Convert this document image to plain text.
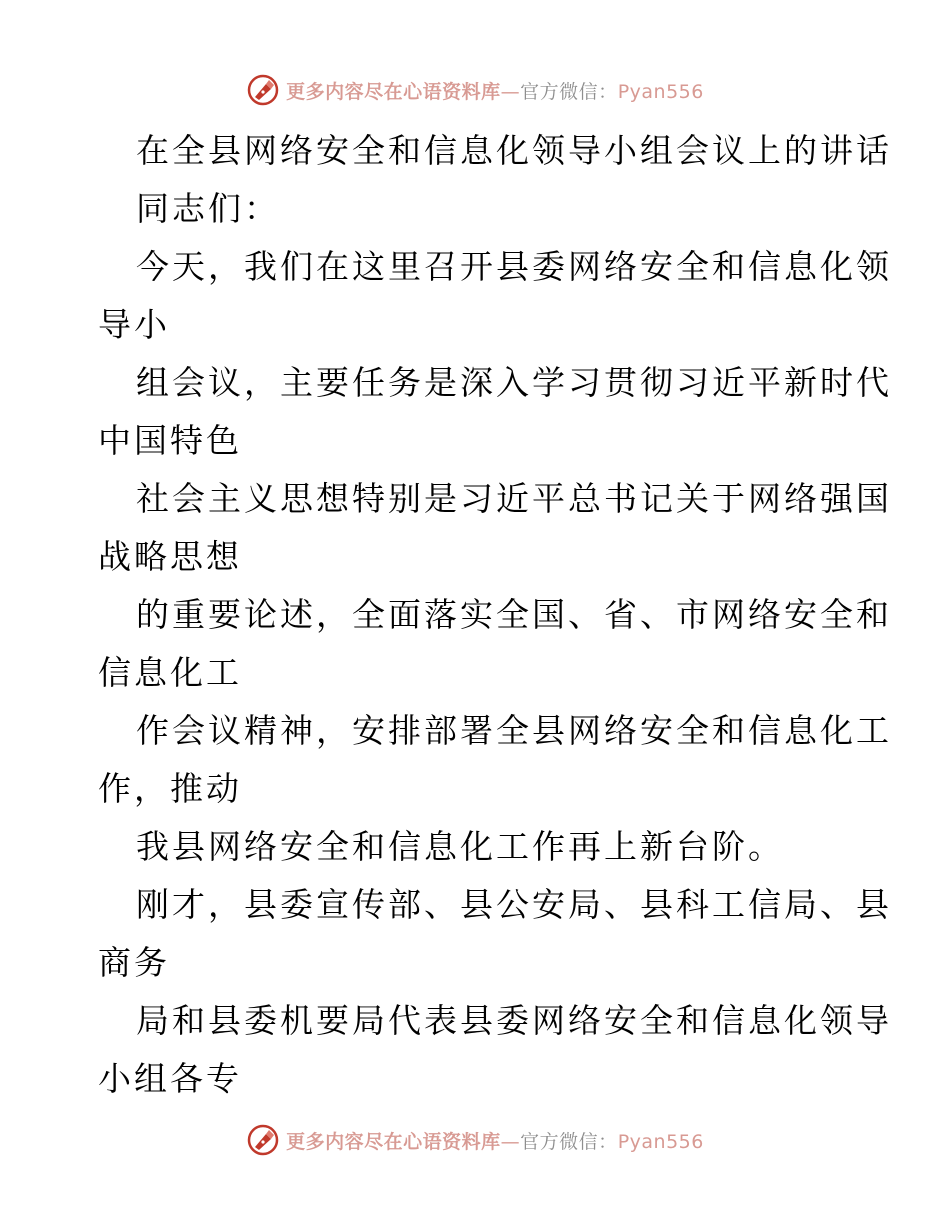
更多内容尽在心语资料库—官方微信：Pyan556
在全县网络安全和信息化领导小组会议上的讲话
同志们：
今天，我们在这里召开县委网络安全和信息化领
导小
组会议，主要任务是深入学习贯彻习近平新时代
中国特色
社会主义思想特别是习近平总书记关于网络强国
战略思想
的重要论述，全面落实全国、省、市网络安全和
信息化工
作会议精神，安排部署全县网络安全和信息化工
作，推动
我县网络安全和信息化工作再上新台阶。
刚才，县委宣传部、县公安局、县科工信局、县
商务
局和县委机要局代表县委网络安全和信息化领导
小组各专
更多内容尽在心语资料库—官方微信：Pyan556
